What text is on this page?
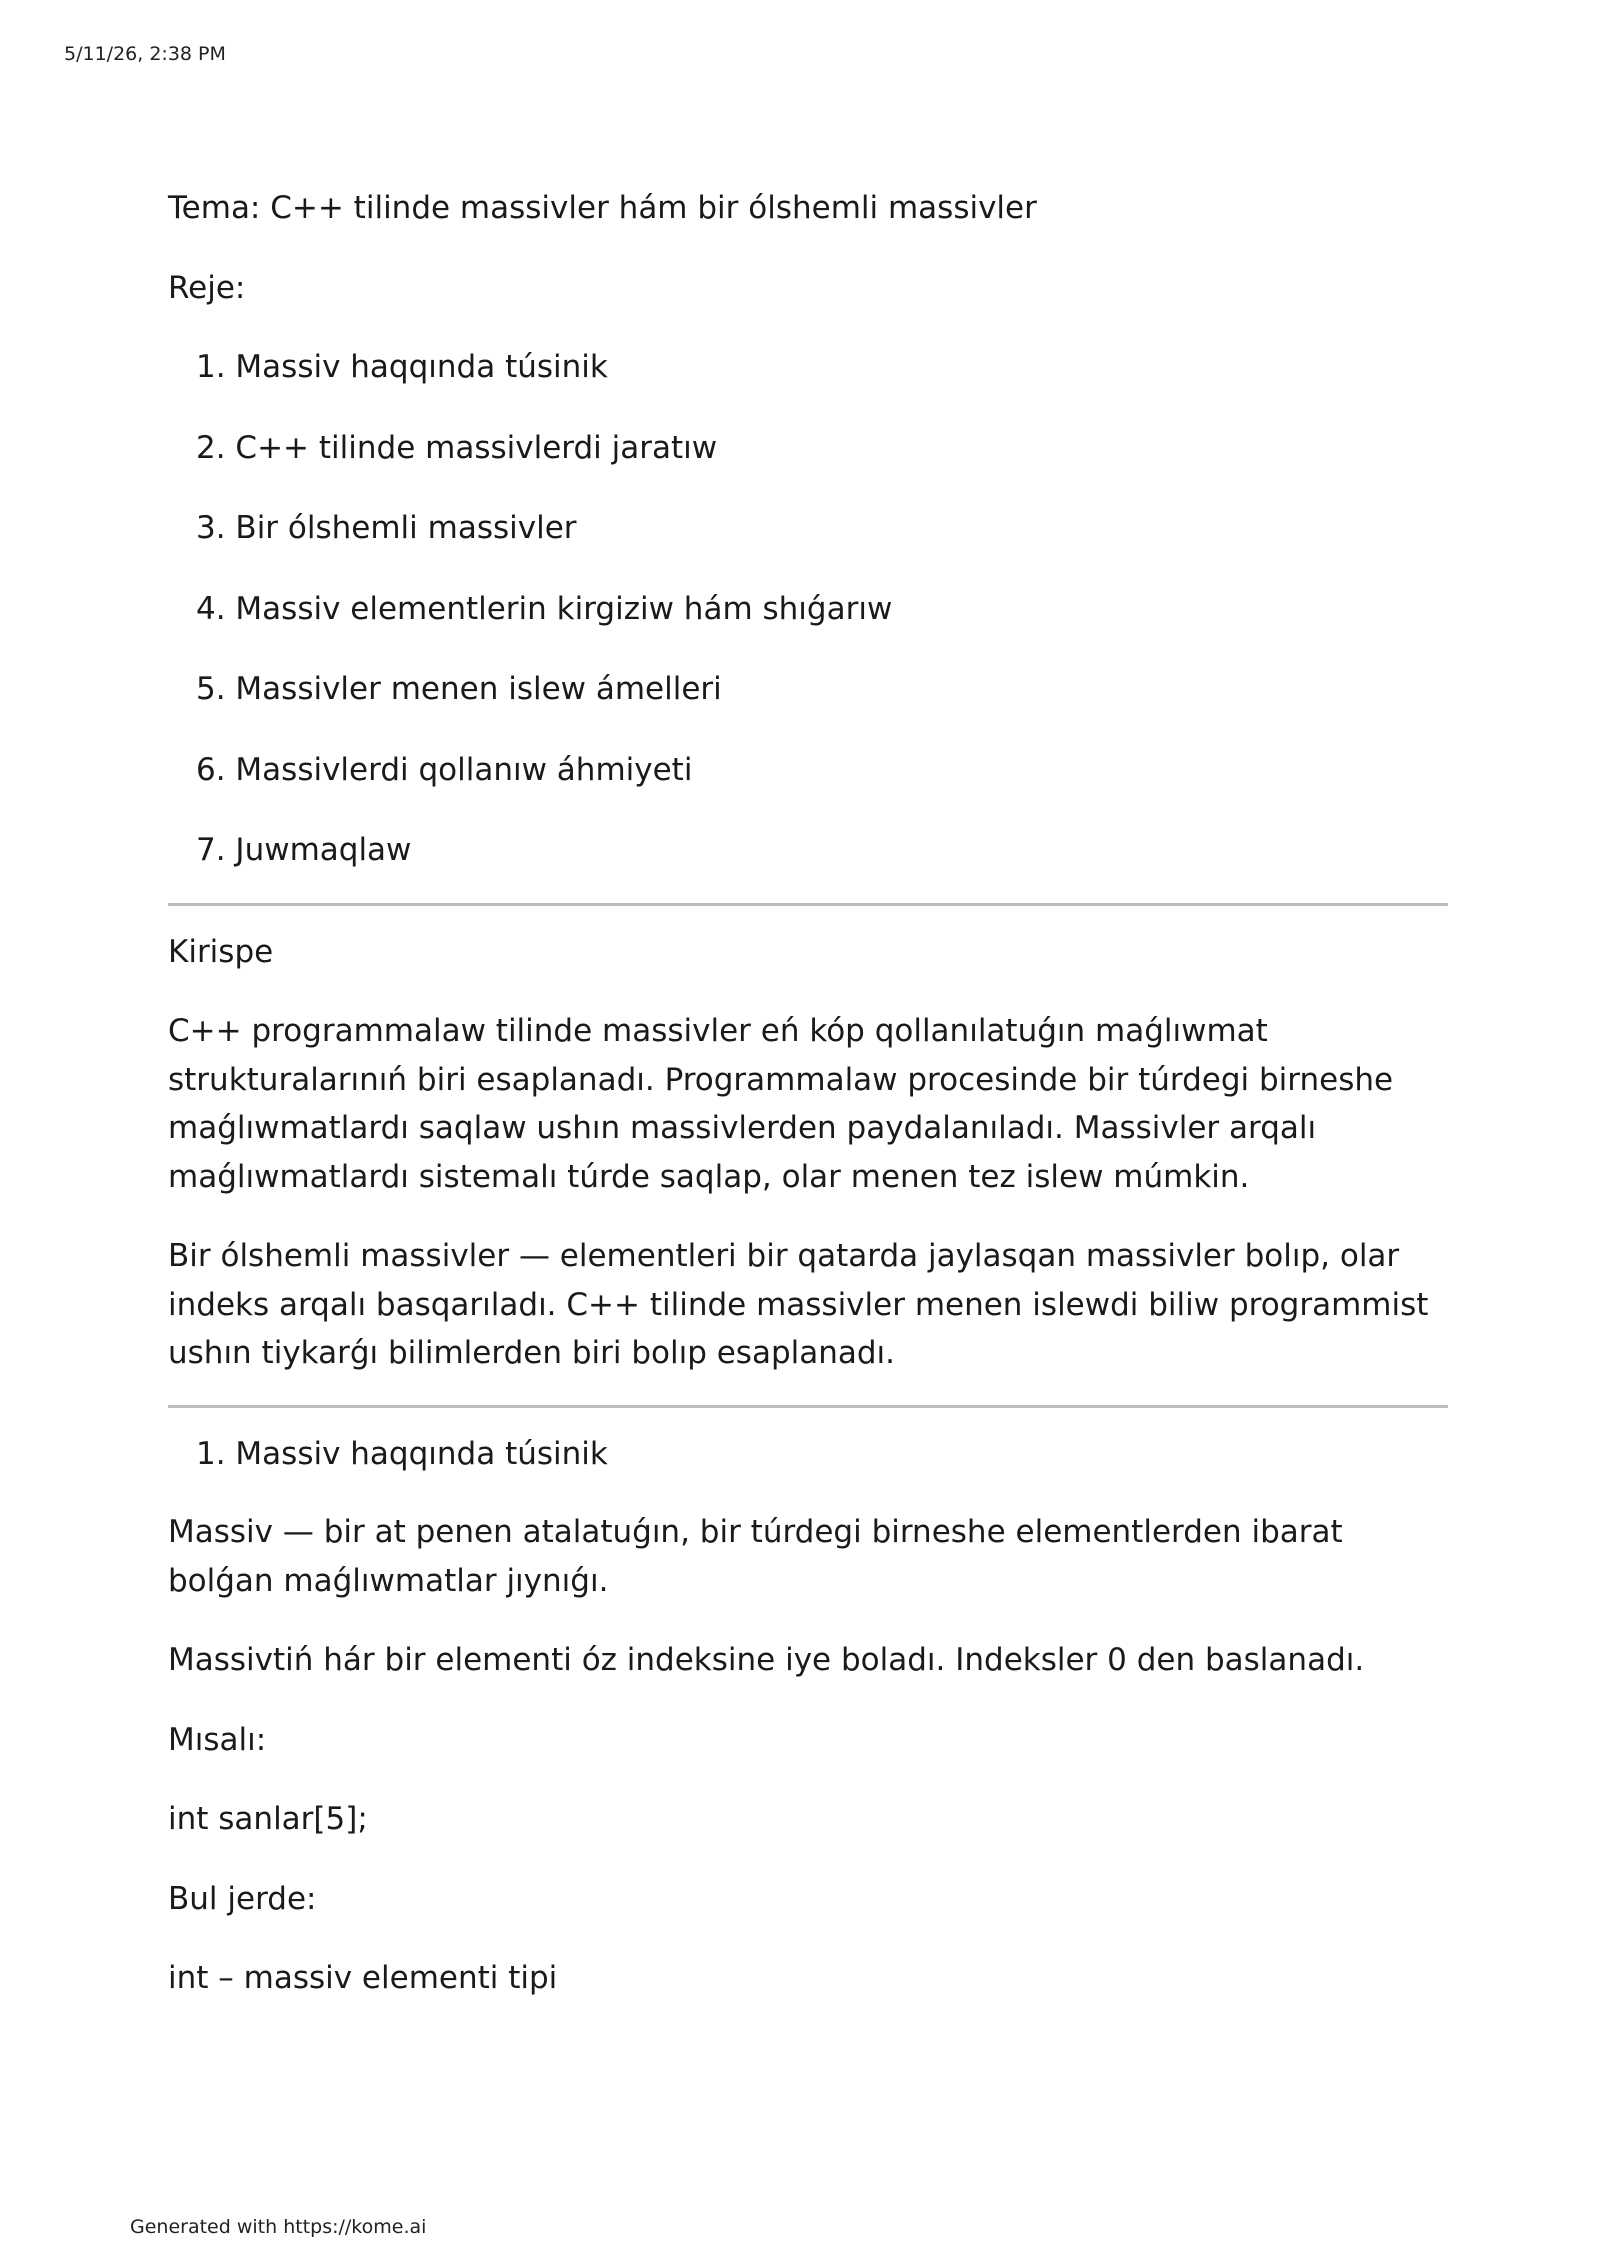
5/11/26, 2:38 PM

Tema: C++ tilinde massivler hám bir ólshemli massivler

Reje:

1. Massiv haqqında túsinik
2. C++ tilinde massivlerdi jaratıw
3. Bir ólshemli massivler
4. Massiv elementlerin kirgiziw hám shıǵarıw
5. Massivler menen islew ámelleri
6. Massivlerdi qollanıw áhmiyeti
7. Juwmaqlaw

Kirispe

C++ programmalaw tilinde massivler eń kóp qollanılatuǵın maǵlıwmat strukturalarınıń biri esaplanadı. Programmalaw procesinde bir túrdegi birneshe maǵlıwmatlardı saqlaw ushın massivlerden paydalanıladı. Massivler arqalı maǵlıwmatlardı sistemalı túrde saqlap, olar menen tez islew múmkin.

Bir ólshemli massivler — elementleri bir qatarda jaylasqan massivler bolıp, olar indeks arqalı basqarıladı. C++ tilinde massivler menen islewdi biliw programmist ushın tiykarǵı bilimlerden biri bolıp esaplanadı.

1. Massiv haqqında túsinik

Massiv — bir at penen atalatuǵın, bir túrdegi birneshe elementlerden ibarat bolǵan maǵlıwmatlar jıynıǵı.

Massivtiń hár bir elementi óz indeksine iye boladı. Indeksler 0 den baslanadı.

Mısalı:

int sanlar[5];

Bul jerde:

int – massiv elementi tipi

Generated with https://kome.ai
